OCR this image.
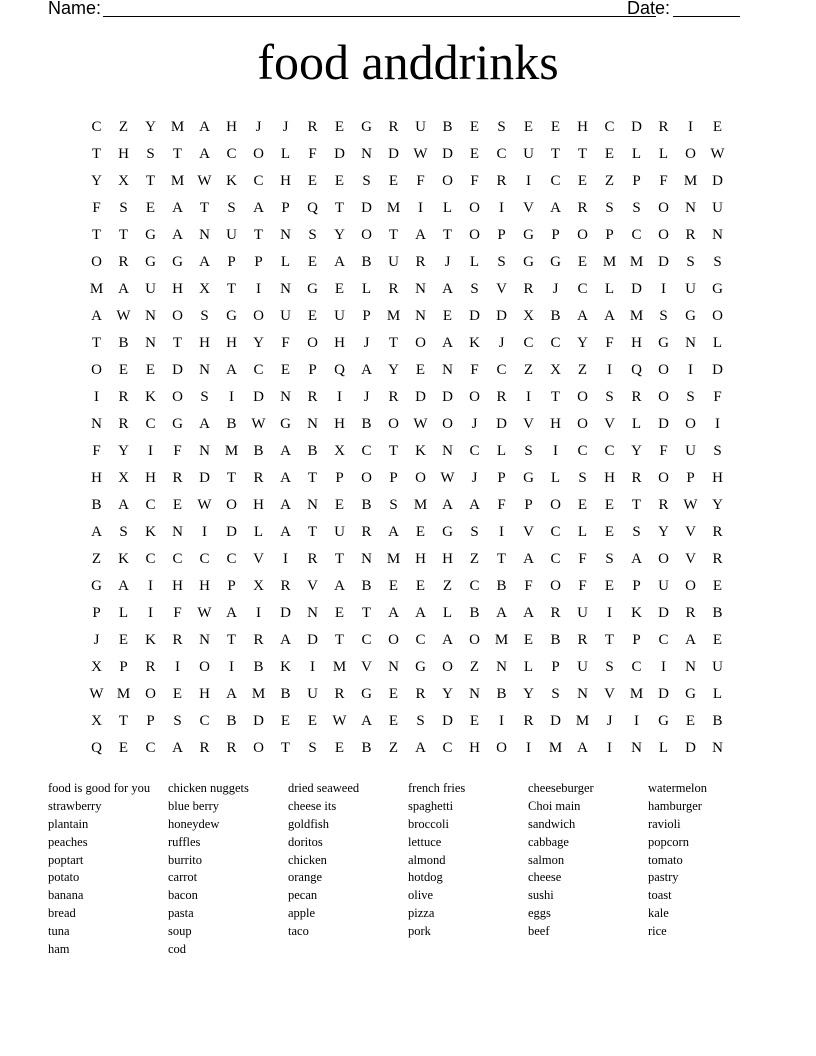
Name:	Date:
food anddrinks
C	Z	Y M A	H	J	J	R	E	G	R	U	B	E	S	E	E	H	C	D	R	I	E
T	H	S	T	A	C	O	L	F	D	N	D W D	E	C	U	T	T	E	L	L	O W
Y	X	T	M W K	C	H	E	E	S	E	F	O	F	R	I	C	E	Z	P	F	M D
F	S	E	A	T	S	A	P	Q	T	D M	I	L	O	I	V	A	R	S	S	O	N	U
T	T	G	A	N	U	T	N	S	Y	O	T	A	T	O	P	G	P	O	P	C	O	R	N
O	R	G	G	A	P	P	L	E	A	B	U	R	J	L	S	G	G	E	M M D	S	S
M A	U	H	X	T	I	N	G	E	L	R	N	A	S	V	R	J	C	L	D	I	U	G
A W N	O	S	G	O	U	E	U	P	M N	E	D	D	X	B	A	A M	S	G	O
T	B	N	T	H	H	Y	F	O	H	J	T	O	A	K	J	C	C	Y	F	H	G	N	L
O	E	E	D	N	A	C	E	P	Q	A	Y	E	N	F	C	Z	X	Z	I	Q	O	I	D
I	R	K	O	S	I	D	N	R	I	J	R	D	D	O	R	I	T	O	S	R	O	S	F
N	R	C	G	A	B W G	N	H	B	O W O	J	D	V	H	O	V	L	D	O	I
F	Y	I	F	N M	B	A	B	X	C	T	K	N	C	L	S	I	C	C	Y	F	U	S
H	X	H	R	D	T	R	A	T	P	O	P	O W	J	P	G	L	S	H	R	O	P	H
B	A	C	E	W O	H	A	N	E	B	S	M A	A	F	P	O	E	E	T	R W Y
A	S	K	N	I	D	L	A	T	U	R	A	E	G	S	I	V	C	L	E	S	Y	V	R
Z	K	C	C	C	C	V	I	R	T	N M H	H	Z	T	A	C	F	S	A	O	V	R
G	A	I	H	H	P	X	R	V	A	B	E	E	Z	C	B	F	O	F	E	P	U	O	E
P	L	I	F	W A	I	D	N	E	T	A	A	L	B	A	A	R	U	I	K	D	R	B
J	E	K	R	N	T	R	A	D	T	C	O	C	A	O M	E	B	R	T	P	C	A	E
X	P	R	I	O	I	B	K	I	M V	N	G	O	Z	N	L	P	U	S	C	I	N	U
W M O	E	H	A M	B	U	R	G	E	R	Y	N	B	Y	S	N	V M D	G	L
X	T	P	S	C	B	D	E	E	W A	E	S	D	E	I	R	D M	J	I	G	E	B
Q	E	C	A	R	R	O	T	S	E	B	Z	A	C	H	O	I	M A	I	N	L	D	N
food is good for you
strawberry
plantain
peaches
poptart
potato
banana
bread
tuna
ham
chicken nuggets
blue berry
honeydew
ruffles
burrito
carrot
bacon
pasta
soup
cod
dried seaweed
cheese its
goldfish
doritos
chicken
orange
pecan
apple
taco
french fries
spaghetti
broccoli
lettuce
almond
hotdog
olive
pizza
pork
cheeseburger
Choi main
sandwich
cabbage
salmon
cheese
sushi
eggs
beef
watermelon
hamburger
ravioli
popcorn
tomato
pastry
toast
kale
rice
